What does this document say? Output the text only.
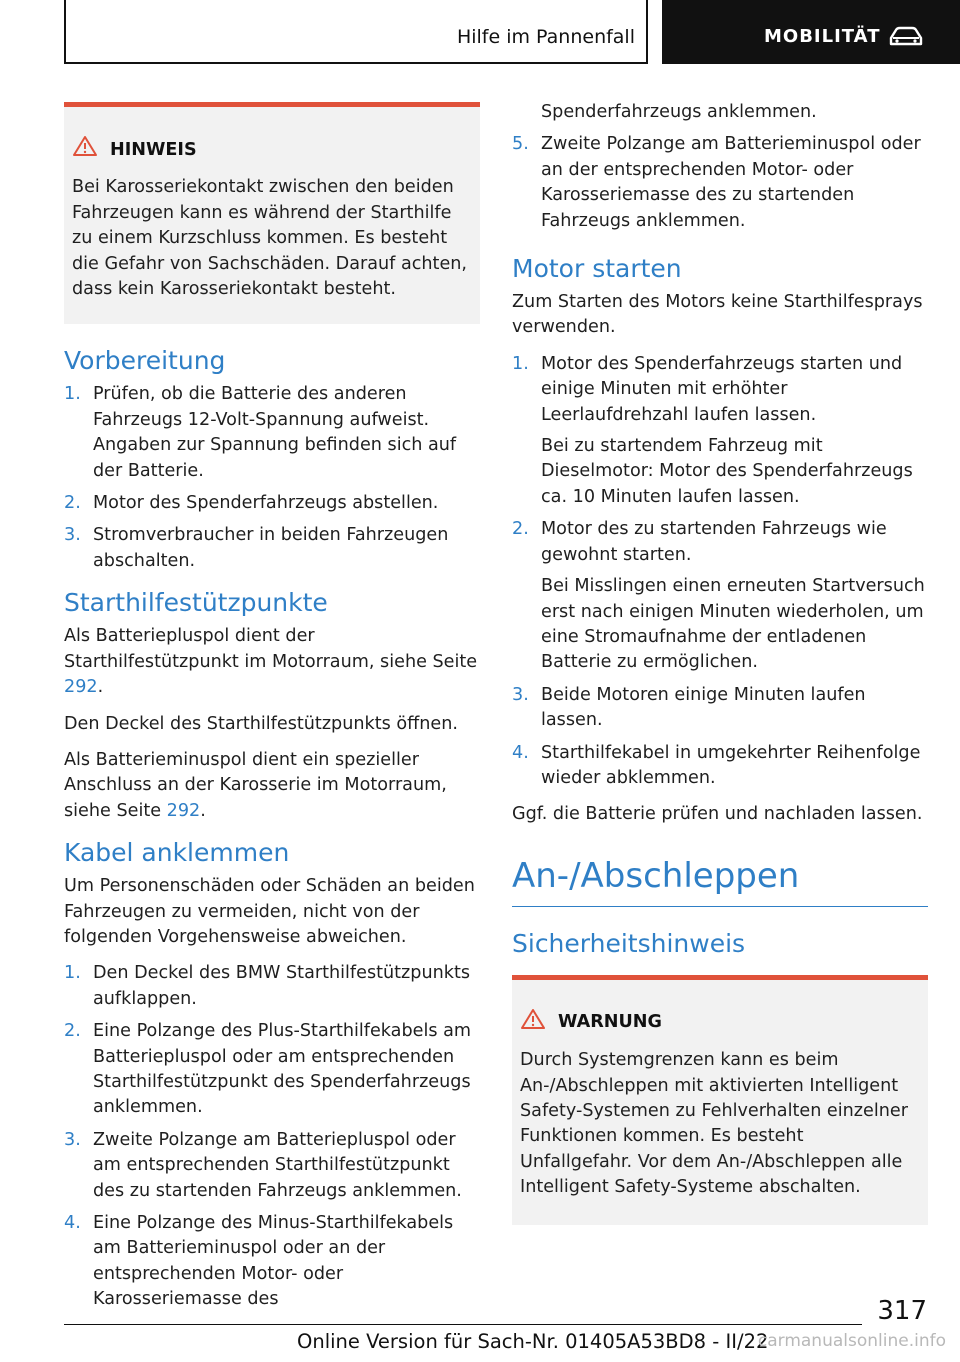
Hilfe im Pannenfall	MOBILITÄT
HINWEIS
Bei Karosseriekontakt zwischen den beiden Fahrzeugen kann es während der Starthilfe zu einem Kurzschluss kommen. Es besteht die Gefahr von Sachschäden. Darauf achten, dass kein Karosseriekontakt besteht.
Vorbereitung
1. Prüfen, ob die Batterie des anderen Fahrzeugs 12-Volt-Spannung aufweist. Angaben zur Spannung befinden sich auf der Batterie.
2. Motor des Spenderfahrzeugs abstellen.
3. Stromverbraucher in beiden Fahrzeugen abschalten.
Starthilfestützpunkte

Als Batteriepluspol dient der Starthilfestützpunkt im Motorraum, siehe Seite 292.

Den Deckel des Starthilfestützpunkts öffnen.

Als Batterieminuspol dient ein spezieller Anschluss an der Karosserie im Motorraum, siehe Seite 292.

Kabel anklemmen

Um Personenschäden oder Schäden an beiden Fahrzeugen zu vermeiden, nicht von der folgenden Vorgehensweise abweichen.

1. Den Deckel des BMW Starthilfestützpunkts aufklappen.
2. Eine Polzange des Plus-Starthilfekabels am Batteriepluspol oder am entsprechenden Starthilfestützpunkt des Spenderfahrzeugs anklemmen.
3. Zweite Polzange am Batteriepluspol oder am entsprechenden Starthilfestützpunkt des zu startenden Fahrzeugs anklemmen.
4. Eine Polzange des Minus-Starthilfekabels am Batterieminuspol oder an der entsprechenden Motor- oder Karosseriemasse des
Spenderfahrzeugs anklemmen.
5. Zweite Polzange am Batterieminuspol oder an der entsprechenden Motor- oder Karosseriemasse des zu startenden Fahrzeugs anklemmen.
Motor starten

Zum Starten des Motors keine Starthilfesprays verwenden.

1. Motor des Spenderfahrzeugs starten und einige Minuten mit erhöhter Leerlaufdrehzahl laufen lassen.
Bei zu startendem Fahrzeug mit Dieselmotor: Motor des Spenderfahrzeugs ca. 10 Minuten laufen lassen.
2. Motor des zu startenden Fahrzeugs wie gewohnt starten.
Bei Misslingen einen erneuten Startversuch erst nach einigen Minuten wiederholen, um eine Stromaufnahme der entladenen Batterie zu ermöglichen.
3. Beide Motoren einige Minuten laufen lassen.
4. Starthilfekabel in umgekehrter Reihenfolge wieder abklemmen.

Ggf. die Batterie prüfen und nachladen lassen.

An-/Abschleppen
Sicherheitshinweis
WARNUNG
Durch Systemgrenzen kann es beim An-/Abschleppen mit aktivierten Intelligent Safety-Systemen zu Fehlverhalten einzelner Funktionen kommen. Es besteht Unfallgefahr. Vor dem An-/Abschleppen alle Intelligent Safety-Systeme abschalten.
317
Online Version für Sach-Nr. 01405A53BD8 - II/22
carmanualsonline.info
